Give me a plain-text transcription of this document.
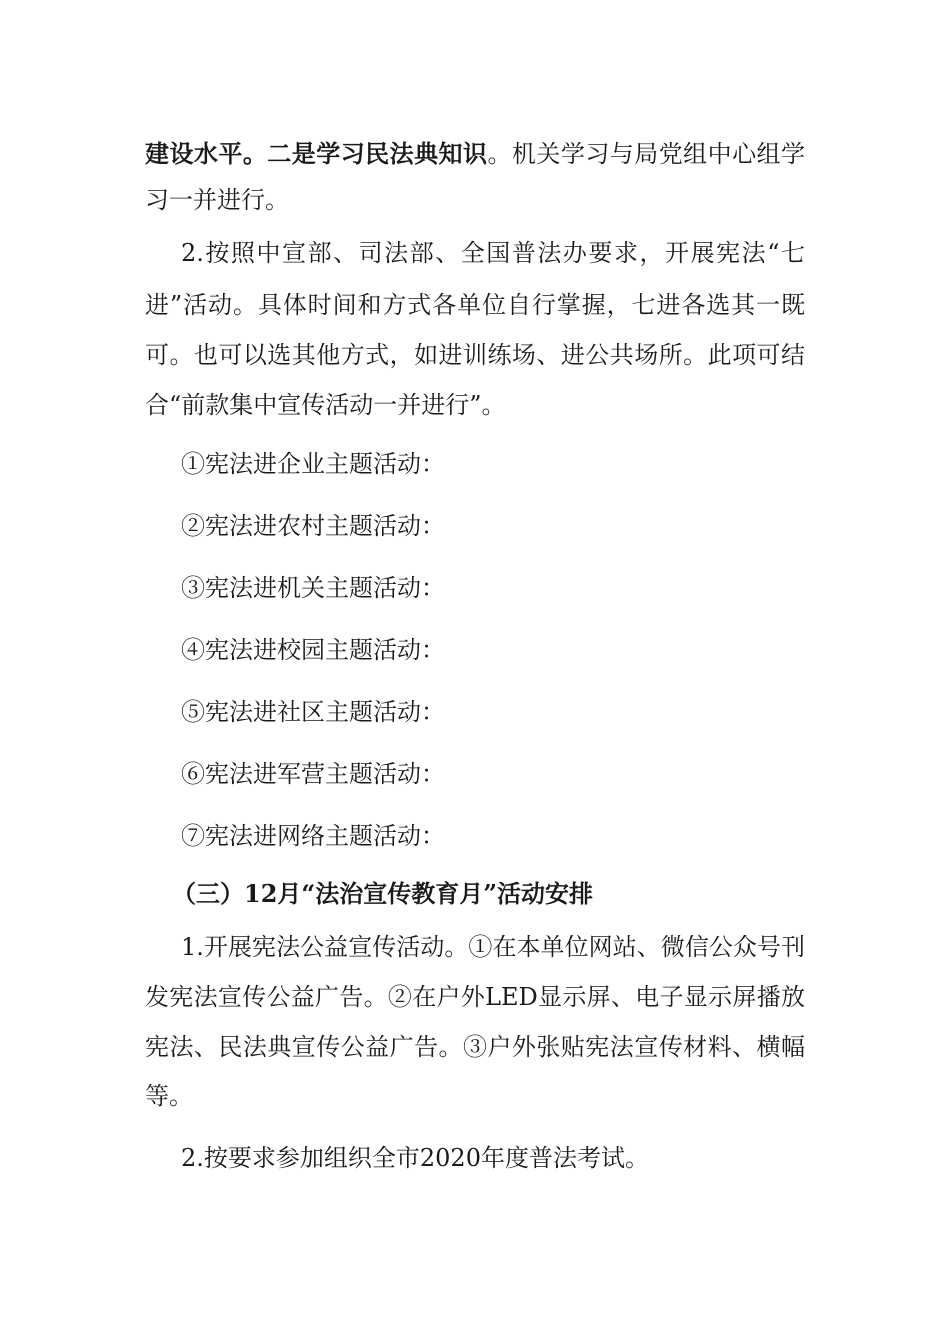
建设水平。二是学习民法典知识。机关学习与局党组中心组学
习一并进行。
2.按照中宣部、司法部、全国普法办要求，开展宪法“七
进”活动。具体时间和方式各单位自行掌握，七进各选其一既
可。也可以选其他方式，如进训练场、进公共场所。此项可结
合“前款集中宣传活动一并进行”。
①宪法进企业主题活动：
②宪法进农村主题活动：
③宪法进机关主题活动：
④宪法进校园主题活动：
⑤宪法进社区主题活动：
⑥宪法进军营主题活动：
⑦宪法进网络主题活动：
（三）12月“法治宣传教育月”活动安排
1.开展宪法公益宣传活动。①在本单位网站、微信公众号刊
发宪法宣传公益广告。②在户外LED显示屏、电子显示屏播放
宪法、民法典宣传公益广告。③户外张贴宪法宣传材料、横幅
等。
2.按要求参加组织全市2020年度普法考试。
